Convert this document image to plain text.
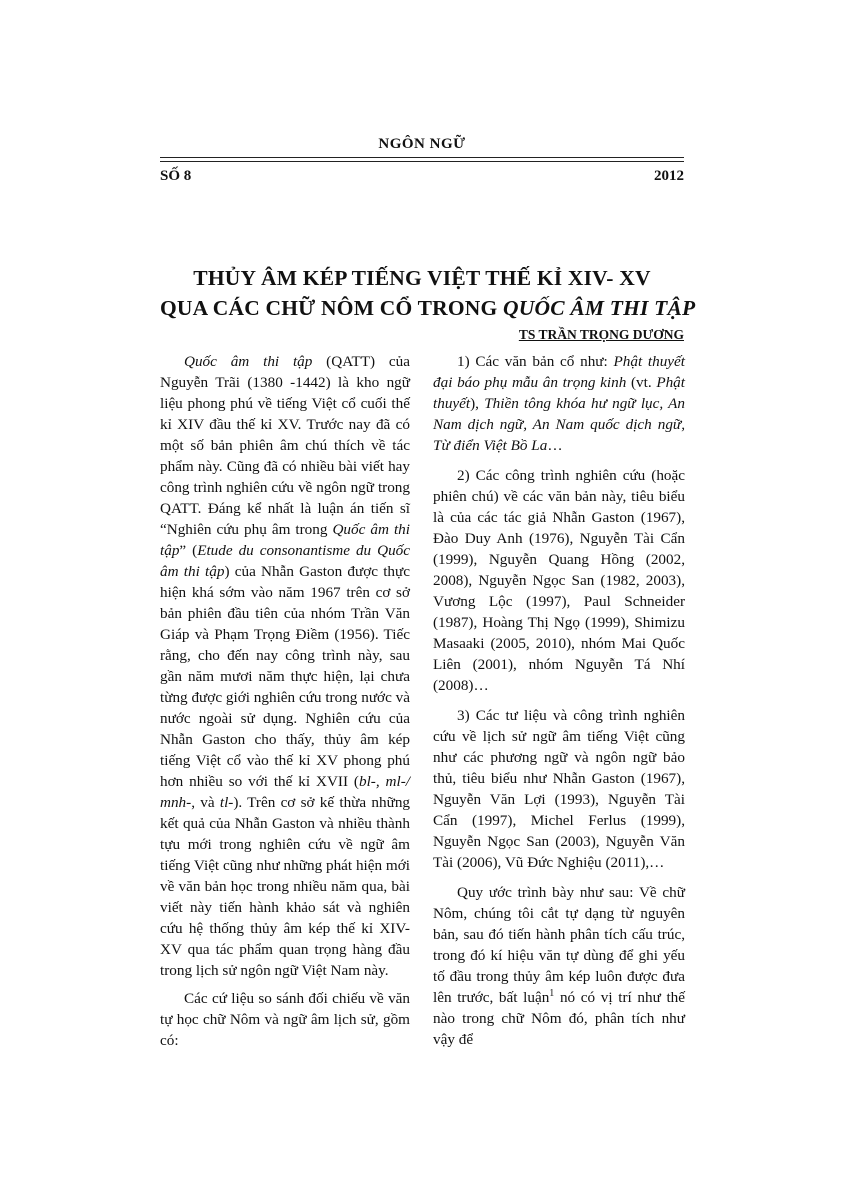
NGÔN NGỮ
SỐ 8	2012
THỦY ÂM KÉP TIẾNG VIỆT THẾ KỈ XIV- XV
QUA CÁC CHỮ NÔM CỔ TRONG QUỐC ÂM THI TẬP
TS TRẦN TRỌNG DƯƠNG

Quốc âm thi tập (QATT) của Nguyễn Trãi (1380 -1442) là kho ngữ liệu phong phú về tiếng Việt cổ cuối thế kỉ XIV đầu thế kỉ XV. Trước nay đã có một số bản phiên âm chú thích về tác phẩm này. Cũng đã có nhiều bài viết hay công trình nghiên cứu về ngôn ngữ trong QATT. Đáng kể nhất là luận án tiến sĩ “Nghiên cứu phụ âm trong Quốc âm thi tập” (Etude du consonantisme du Quốc âm thi tập) của Nhẫn Gaston được thực hiện khá sớm vào năm 1967 trên cơ sở bản phiên đầu tiên của nhóm Trần Văn Giáp và Phạm Trọng Điềm (1956). Tiếc rằng, cho đến nay công trình này, sau gần năm mươi năm thực hiện, lại chưa từng được giới nghiên cứu trong nước và nước ngoài sử dụng. Nghiên cứu của Nhẫn Gaston cho thấy, thủy âm kép tiếng Việt cổ vào thế kỉ XV phong phú hơn nhiều so với thế kỉ XVII (bl-, ml-/ mnh-, và tl-). Trên cơ sở kế thừa những kết quả của Nhẫn Gaston và nhiều thành tựu mới trong nghiên cứu về ngữ âm tiếng Việt cũng như những phát hiện mới về văn bản học trong nhiều năm qua, bài viết này tiến hành khảo sát và nghiên cứu hệ thống thủy âm kép thế kỉ XIV- XV qua tác phẩm quan trọng hàng đầu trong lịch sử ngôn ngữ Việt Nam này.

Các cứ liệu so sánh đối chiếu về văn tự học chữ Nôm và ngữ âm lịch sử, gồm có:

1) Các văn bản cổ như: Phật thuyết đại báo phụ mẫu ân trọng kinh (vt. Phật thuyết), Thiền tông khóa hư ngữ lục, An Nam dịch ngữ, An Nam quốc dịch ngữ, Từ điển Việt Bồ La…

2) Các công trình nghiên cứu (hoặc phiên chú) về các văn bản này, tiêu biểu là của các tác giả Nhẫn Gaston (1967), Đào Duy Anh (1976), Nguyễn Tài Cẩn (1999), Nguyễn Quang Hồng (2002, 2008), Nguyễn Ngọc San (1982, 2003), Vương Lộc (1997), Paul Schneider (1987), Hoàng Thị Ngọ (1999), Shimizu Masaaki (2005, 2010), nhóm Mai Quốc Liên (2001), nhóm Nguyễn Tá Nhí (2008)…

3) Các tư liệu và công trình nghiên cứu về lịch sử ngữ âm tiếng Việt cũng như các phương ngữ và ngôn ngữ bảo thủ, tiêu biểu như Nhẫn Gaston (1967), Nguyễn Văn Lợi (1993), Nguyễn Tài Cẩn (1997), Michel Ferlus (1999), Nguyễn Ngọc San (2003), Nguyễn Văn Tài (2006), Vũ Đức Nghiệu (2011),…

Quy ước trình bày như sau: Về chữ Nôm, chúng tôi cắt tự dạng từ nguyên bản, sau đó tiến hành phân tích cấu trúc, trong đó kí hiệu văn tự dùng để ghi yếu tố đầu trong thủy âm kép luôn được đưa lên trước, bất luận$^1$ nó có vị trí như thế nào trong chữ Nôm đó, phân tích như vậy để
